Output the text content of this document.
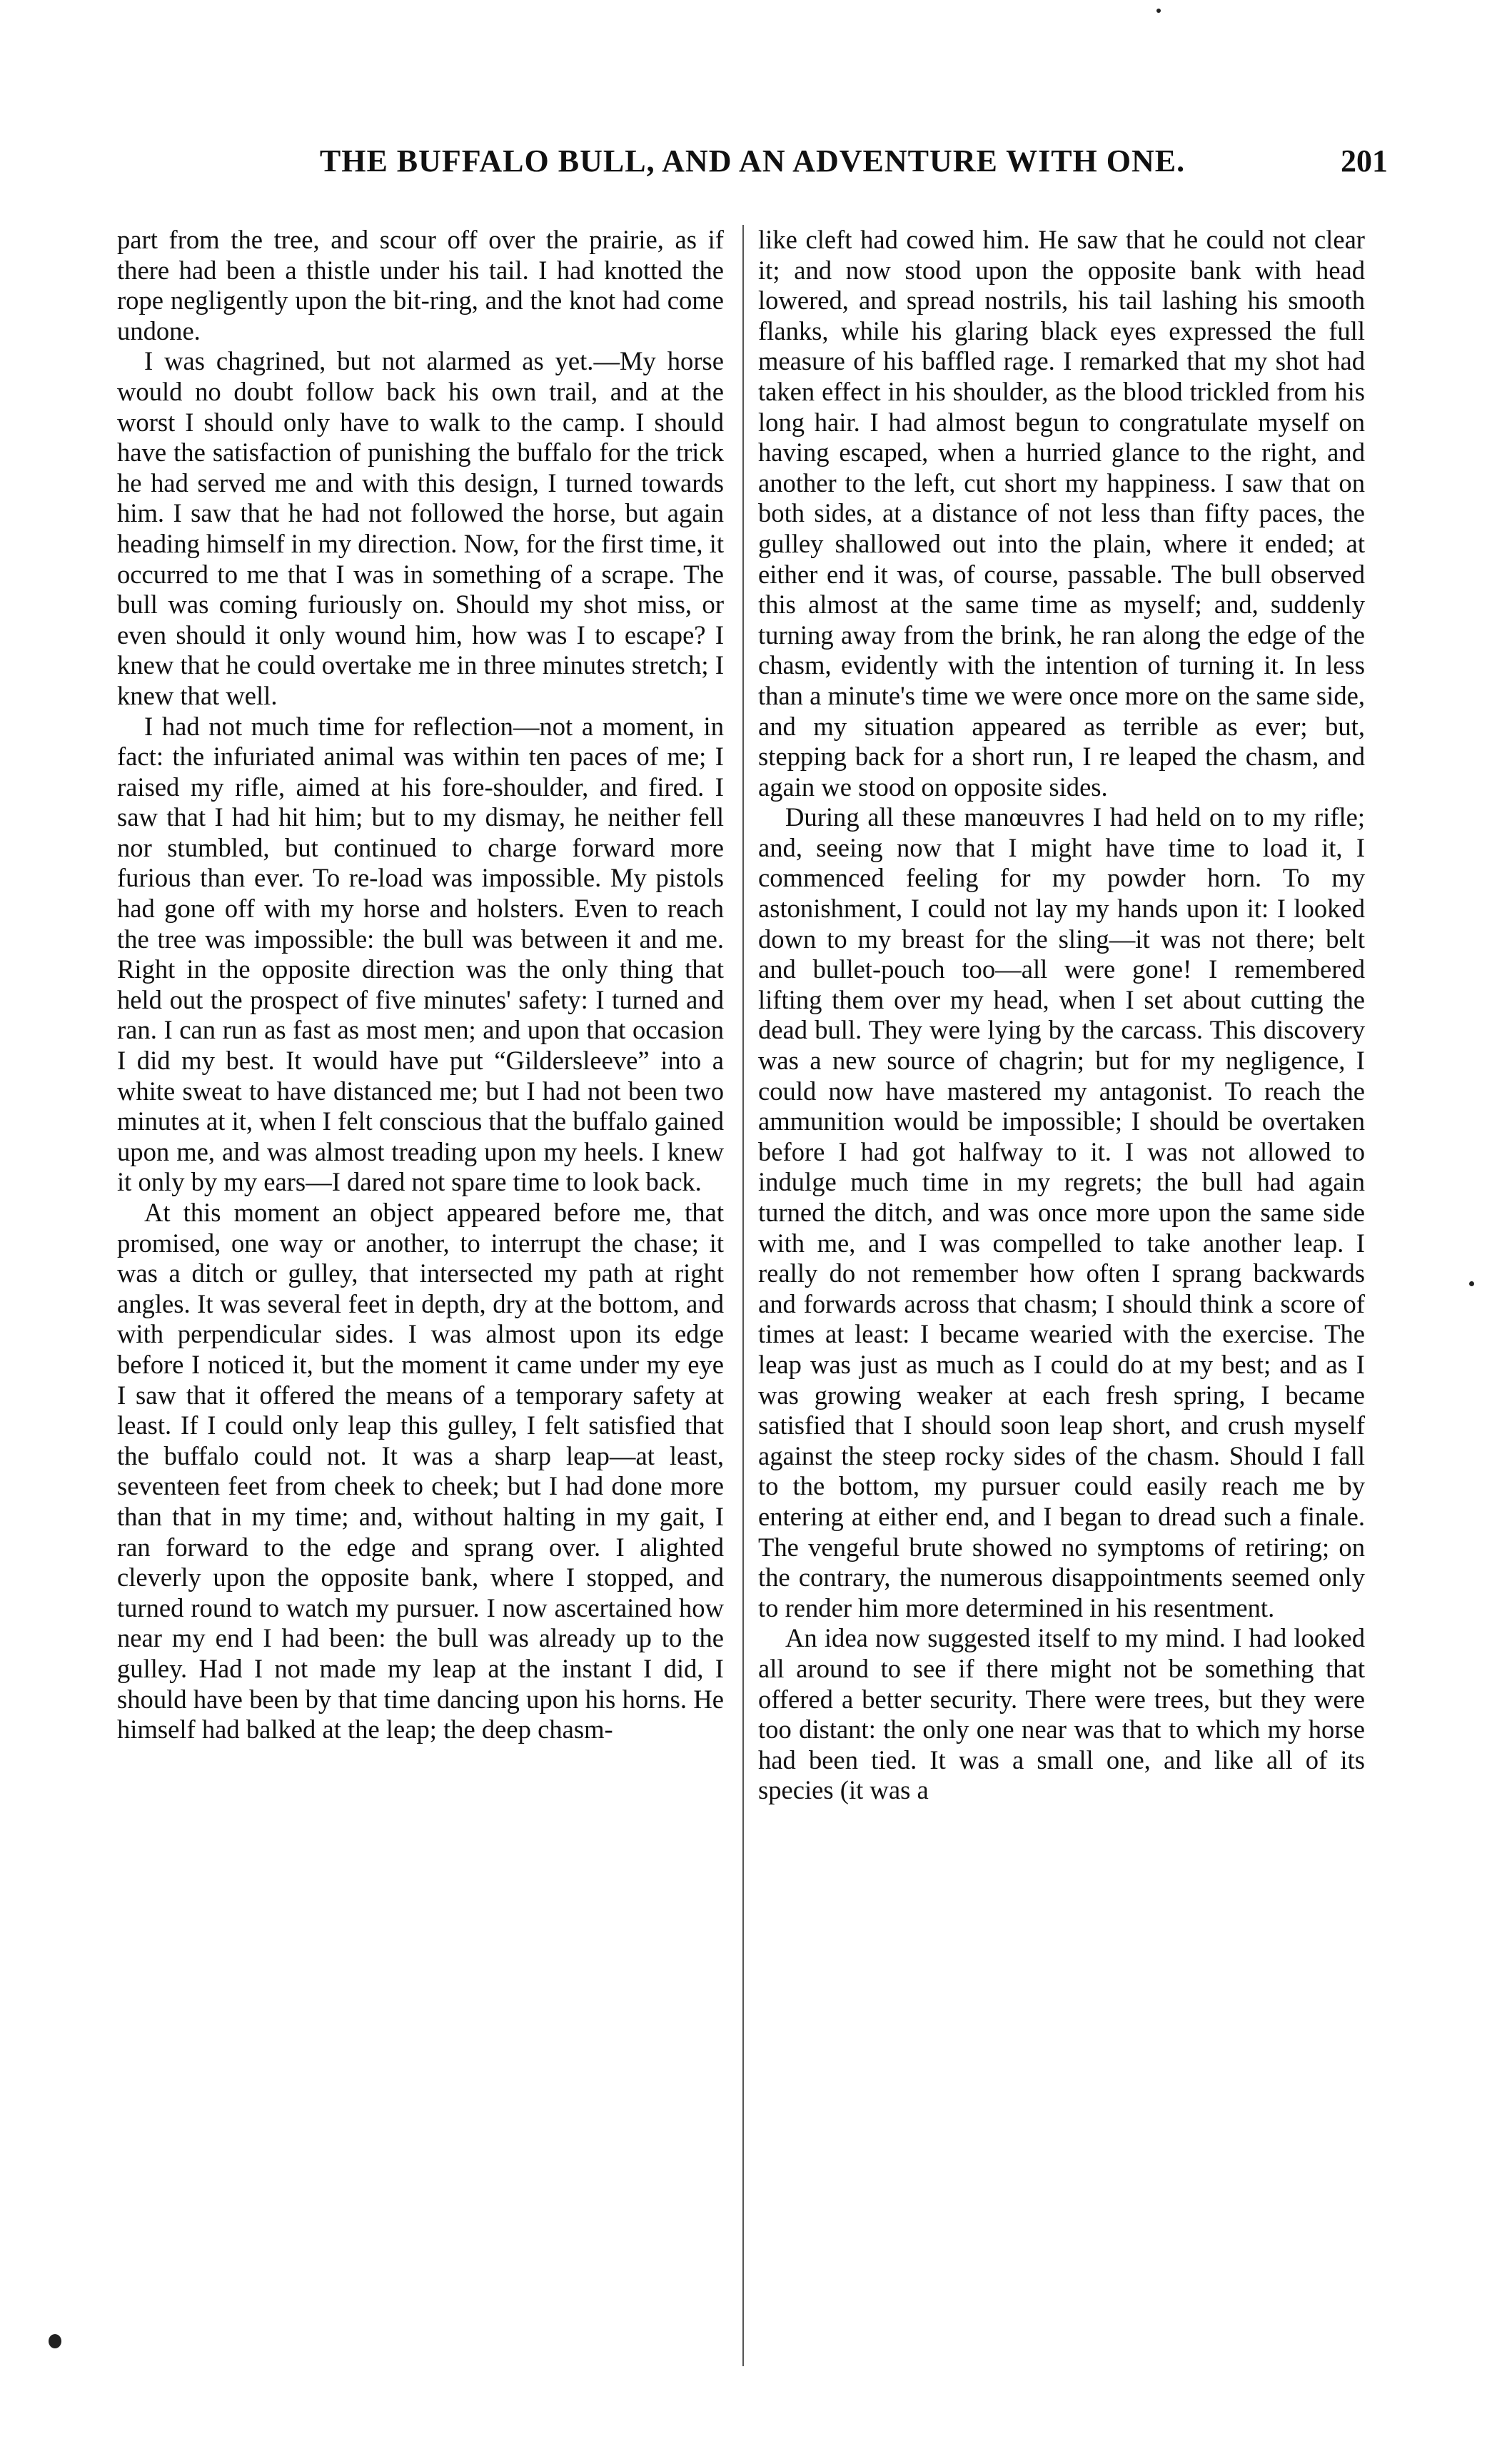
THE BUFFALO BULL, AND AN ADVENTURE WITH ONE.	201

part from the tree, and scour off over the prairie, as if there had been a thistle under his tail. I had knotted the rope negligently upon the bit-ring, and the knot had come undone.

I was chagrined, but not alarmed as yet.—My horse would no doubt follow back his own trail, and at the worst I should only have to walk to the camp. I should have the satisfaction of punishing the buffalo for the trick he had served me and with this design, I turned towards him. I saw that he had not followed the horse, but again heading himself in my direction. Now, for the first time, it occurred to me that I was in something of a scrape. The bull was coming furiously on. Should my shot miss, or even should it only wound him, how was I to escape? I knew that he could overtake me in three minutes stretch; I knew that well.

I had not much time for reflection—not a moment, in fact: the infuriated animal was within ten paces of me; I raised my rifle, aimed at his fore-shoulder, and fired. I saw that I had hit him; but to my dismay, he neither fell nor stumbled, but continued to charge forward more furious than ever. To re-load was impossible. My pistols had gone off with my horse and holsters. Even to reach the tree was impossible: the bull was between it and me. Right in the opposite direction was the only thing that held out the prospect of five minutes' safety: I turned and ran. I can run as fast as most men; and upon that occasion I did my best. It would have put “Gildersleeve” into a white sweat to have distanced me; but I had not been two minutes at it, when I felt conscious that the buffalo gained upon me, and was almost treading upon my heels. I knew it only by my ears—I dared not spare time to look back.

At this moment an object appeared before me, that promised, one way or another, to interrupt the chase; it was a ditch or gulley, that intersected my path at right angles. It was several feet in depth, dry at the bottom, and with perpendicular sides. I was almost upon its edge before I noticed it, but the moment it came under my eye I saw that it offered the means of a temporary safety at least. If I could only leap this gulley, I felt satisfied that the buffalo could not. It was a sharp leap—at least, seventeen feet from cheek to cheek; but I had done more than that in my time; and, without halting in my gait, I ran forward to the edge and sprang over. I alighted cleverly upon the opposite bank, where I stopped, and turned round to watch my pursuer. I now ascertained how near my end I had been: the bull was already up to the gulley. Had I not made my leap at the instant I did, I should have been by that time dancing upon his horns. He himself had balked at the leap; the deep chasm-

like cleft had cowed him. He saw that he could not clear it; and now stood upon the opposite bank with head lowered, and spread nostrils, his tail lashing his smooth flanks, while his glaring black eyes expressed the full measure of his baffled rage. I remarked that my shot had taken effect in his shoulder, as the blood trickled from his long hair. I had almost begun to congratulate myself on having escaped, when a hurried glance to the right, and another to the left, cut short my happiness. I saw that on both sides, at a distance of not less than fifty paces, the gulley shallowed out into the plain, where it ended; at either end it was, of course, passable. The bull observed this almost at the same time as myself; and, suddenly turning away from the brink, he ran along the edge of the chasm, evidently with the intention of turning it. In less than a minute's time we were once more on the same side, and my situation appeared as terrible as ever; but, stepping back for a short run, I re leaped the chasm, and again we stood on opposite sides.

During all these manœuvres I had held on to my rifle; and, seeing now that I might have time to load it, I commenced feeling for my powder horn. To my astonishment, I could not lay my hands upon it: I looked down to my breast for the sling—it was not there; belt and bullet-pouch too—all were gone! I remembered lifting them over my head, when I set about cutting the dead bull. They were lying by the carcass. This discovery was a new source of chagrin; but for my negligence, I could now have mastered my antagonist. To reach the ammunition would be impossible; I should be overtaken before I had got halfway to it. I was not allowed to indulge much time in my regrets; the bull had again turned the ditch, and was once more upon the same side with me, and I was compelled to take another leap. I really do not remember how often I sprang backwards and forwards across that chasm; I should think a score of times at least: I became wearied with the exercise. The leap was just as much as I could do at my best; and as I was growing weaker at each fresh spring, I became satisfied that I should soon leap short, and crush myself against the steep rocky sides of the chasm. Should I fall to the bottom, my pursuer could easily reach me by entering at either end, and I began to dread such a finale. The vengeful brute showed no symptoms of retiring; on the contrary, the numerous disappointments seemed only to render him more determined in his resentment.

An idea now suggested itself to my mind. I had looked all around to see if there might not be something that offered a better security. There were trees, but they were too distant: the only one near was that to which my horse had been tied. It was a small one, and like all of its species (it was a
